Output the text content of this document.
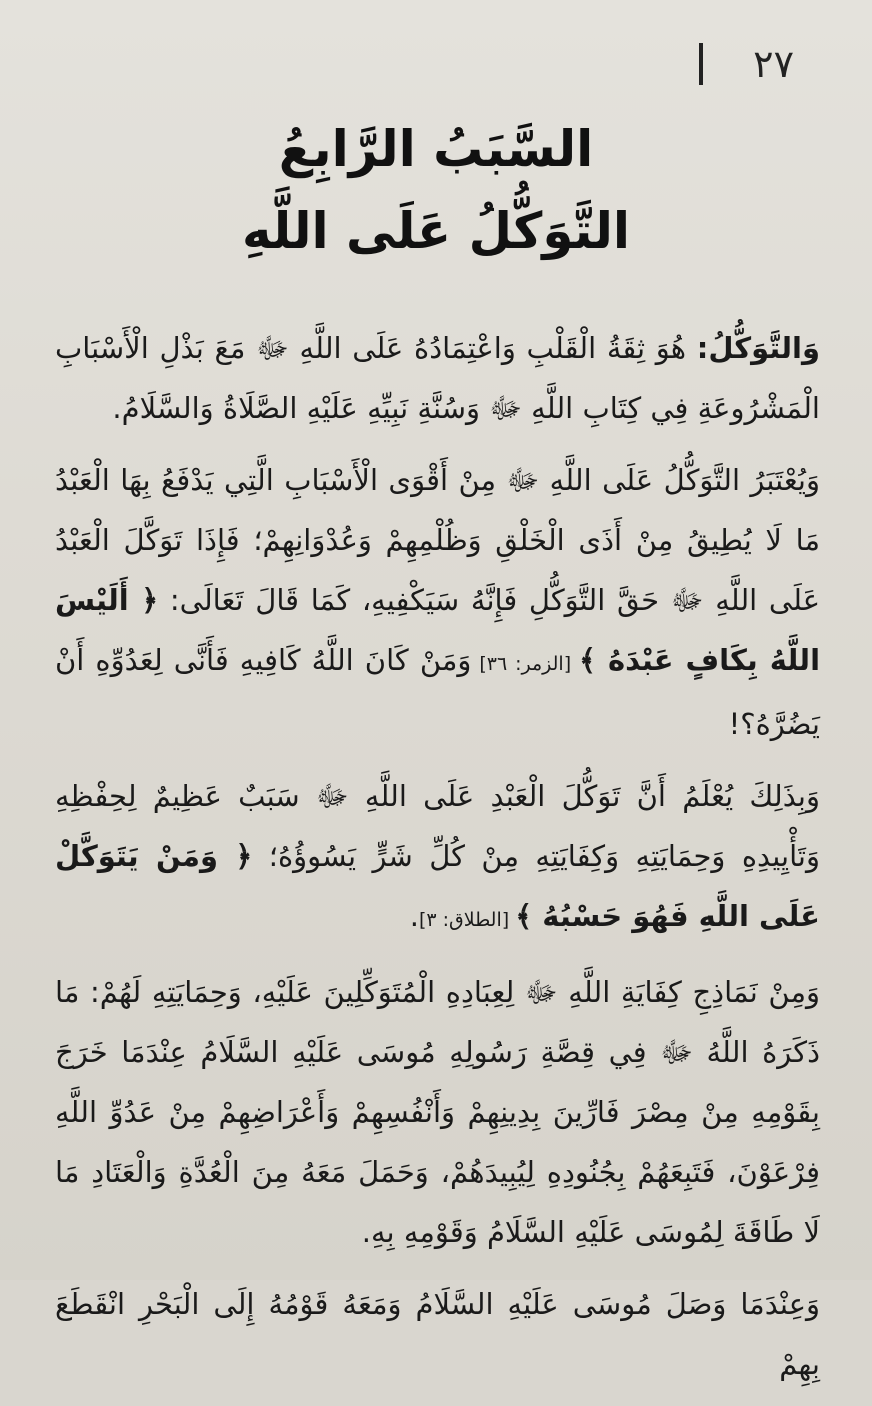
٢٧

السَّبَبُ الرَّابِعُ

التَّوَكُّلُ عَلَى اللَّهِ

وَالتَّوَكُّلُ: هُوَ ثِقَةُ الْقَلْبِ وَاعْتِمَادُهُ عَلَى اللَّهِ ﷻ مَعَ بَذْلِ الْأَسْبَابِ الْمَشْرُوعَةِ فِي كِتَابِ اللَّهِ ﷻ وَسُنَّةِ نَبِيِّهِ عَلَيْهِ الصَّلَاةُ وَالسَّلَامُ.

وَيُعْتَبَرُ التَّوَكُّلُ عَلَى اللَّهِ ﷻ مِنْ أَقْوَى الْأَسْبَابِ الَّتِي يَدْفَعُ بِهَا الْعَبْدُ مَا لَا يُطِيقُ مِنْ أَذَى الْخَلْقِ وَظُلْمِهِمْ وَعُدْوَانِهِمْ؛ فَإِذَا تَوَكَّلَ الْعَبْدُ عَلَى اللَّهِ ﷻ حَقَّ التَّوَكُّلِ فَإِنَّهُ سَيَكْفِيهِ، كَمَا قَالَ تَعَالَى: ﴿ أَلَيْسَ اللَّهُ بِكَافٍ عَبْدَهُ ﴾ [الزمر: ٣٦] وَمَنْ كَانَ اللَّهُ كَافِيهِ فَأَنَّى لِعَدُوِّهِ أَنْ يَضُرَّهُ؟!

وَبِذَلِكَ يُعْلَمُ أَنَّ تَوَكُّلَ الْعَبْدِ عَلَى اللَّهِ ﷻ سَبَبٌ عَظِيمٌ لِحِفْظِهِ وَتَأْيِيدِهِ وَحِمَايَتِهِ وَكِفَايَتِهِ مِنْ كُلِّ شَرٍّ يَسُوؤُهُ؛ ﴿ وَمَنْ يَتَوَكَّلْ عَلَى اللَّهِ فَهُوَ حَسْبُهُ ﴾ [الطلاق: ٣].

وَمِنْ نَمَاذِجِ كِفَايَةِ اللَّهِ ﷻ لِعِبَادِهِ الْمُتَوَكِّلِينَ عَلَيْهِ، وَحِمَايَتِهِ لَهُمْ: مَا ذَكَرَهُ اللَّهُ ﷻ فِي قِصَّةِ رَسُولِهِ مُوسَى عَلَيْهِ السَّلَامُ عِنْدَمَا خَرَجَ بِقَوْمِهِ مِنْ مِصْرَ فَارِّينَ بِدِينِهِمْ وَأَنْفُسِهِمْ وَأَعْرَاضِهِمْ مِنْ عَدُوِّ اللَّهِ فِرْعَوْنَ، فَتَبِعَهُمْ بِجُنُودِهِ لِيُبِيدَهُمْ، وَحَمَلَ مَعَهُ مِنَ الْعُدَّةِ وَالْعَتَادِ مَا لَا طَاقَةَ لِمُوسَى عَلَيْهِ السَّلَامُ وَقَوْمِهِ بِهِ.

وَعِنْدَمَا وَصَلَ مُوسَى عَلَيْهِ السَّلَامُ وَمَعَهُ قَوْمُهُ إِلَى الْبَحْرِ انْقَطَعَ بِهِمْ
